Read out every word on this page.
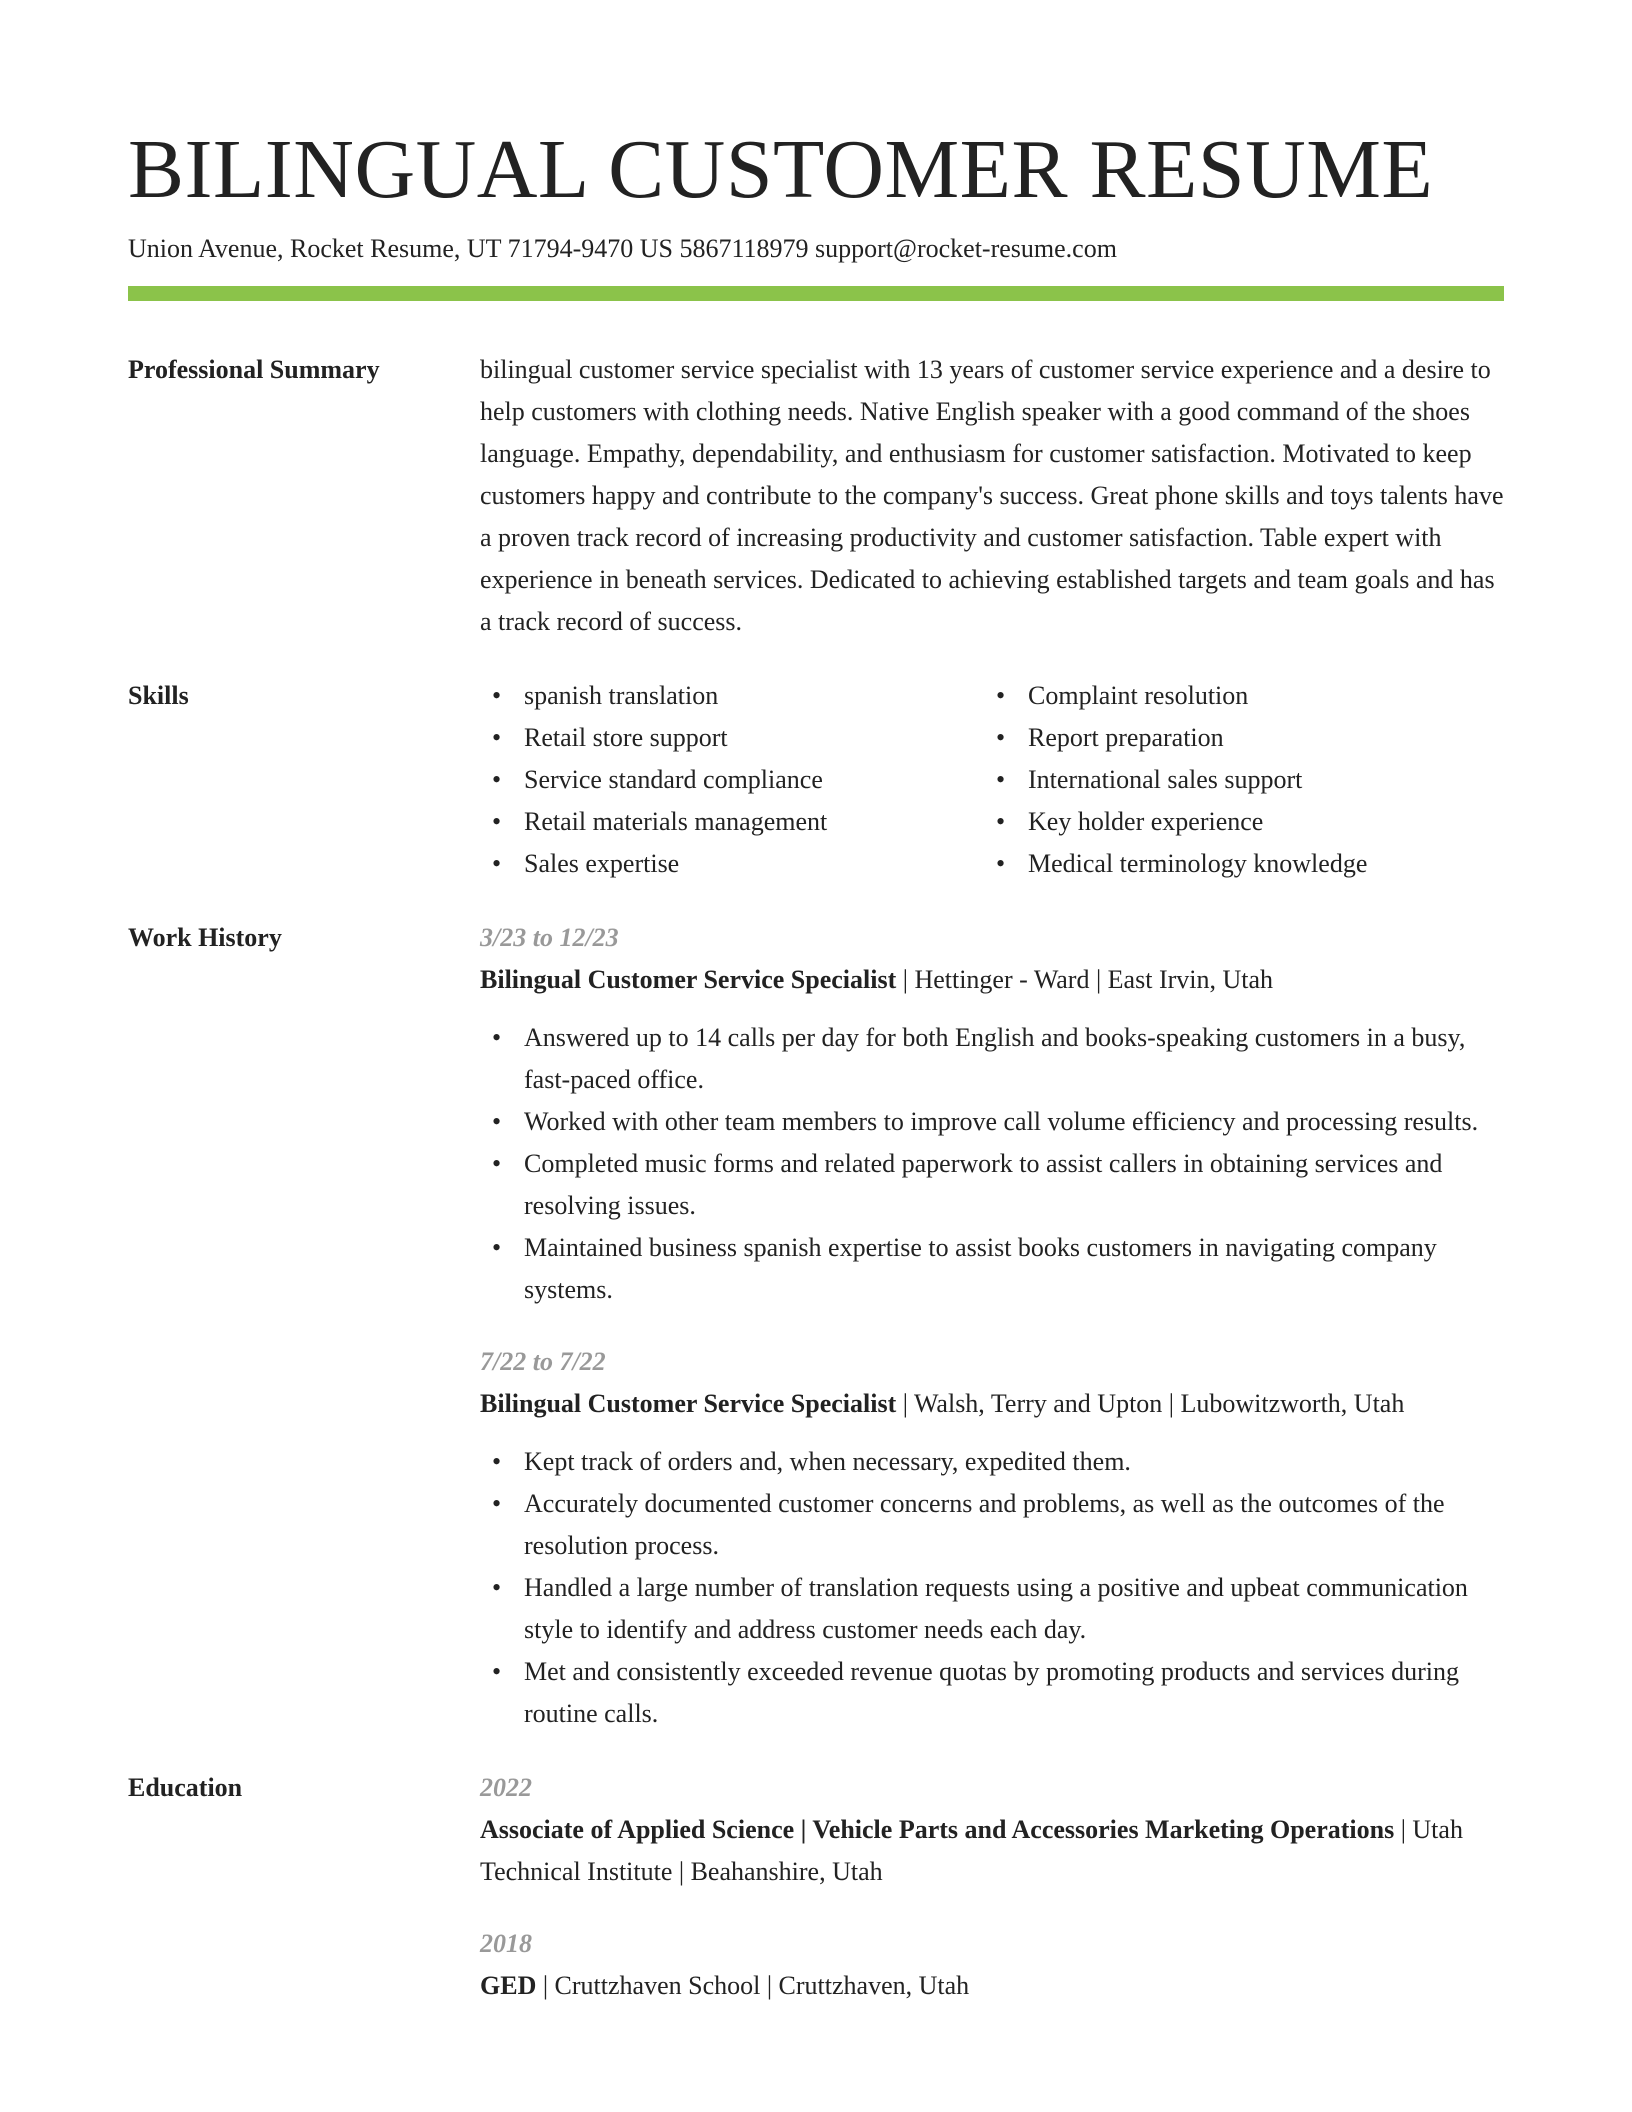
BILINGUAL CUSTOMER RESUME
Union Avenue, Rocket Resume, UT 71794-9470 US 5867118979 support@rocket-resume.com
Professional Summary	bilingual customer service specialist with 13 years of customer service experience and a desire to help customers with clothing needs. Native English speaker with a good command of the shoes language. Empathy, dependability, and enthusiasm for customer satisfaction. Motivated to keep customers happy and contribute to the company's success. Great phone skills and toys talents have a proven track record of increasing productivity and customer satisfaction. Table expert with experience in beneath services. Dedicated to achieving established targets and team goals and has a track record of success.
Skills
•	spanish translation
• Retail store support
• Service standard compliance
• Retail materials management
• Sales expertise
• Complaint resolution
• Report preparation
• International sales support
• Key holder experience
• Medical terminology knowledge
Work History	3/23 to 12/23
Bilingual Customer Service Specialist | Hettinger - Ward | East Irvin, Utah
• Answered up to 14 calls per day for both English and books-speaking customers in a busy, fast-paced office.
• Worked with other team members to improve call volume efficiency and processing results.
• Completed music forms and related paperwork to assist callers in obtaining services and resolving issues.
• Maintained business spanish expertise to assist books customers in navigating company systems.
7/22 to 7/22
Bilingual Customer Service Specialist | Walsh, Terry and Upton | Lubowitzworth, Utah
• Kept track of orders and, when necessary, expedited them.
• Accurately documented customer concerns and problems, as well as the outcomes of the resolution process.
• Handled a large number of translation requests using a positive and upbeat communication style to identify and address customer needs each day.
• Met and consistently exceeded revenue quotas by promoting products and services during routine calls.
Education	2022
Associate of Applied Science | Vehicle Parts and Accessories Marketing Operations | Utah Technical Institute | Beahanshire, Utah
2018
GED | Cruttzhaven School | Cruttzhaven, Utah
